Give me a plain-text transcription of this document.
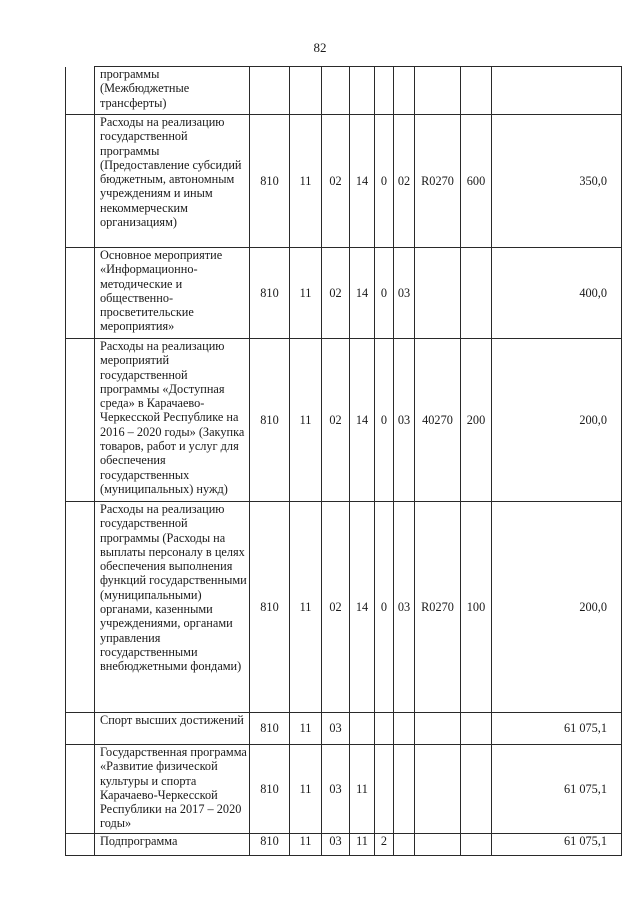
82
	программы (Межбюджетные трансферты)									
	Расходы на реализацию государственной программы (Предоставление субсидий бюджетным, автономным учреждениям и иным некоммерческим организациям)	810	11	02	14	0	02	R0270	600	350,0
	Основное мероприятие «Информационно-методические и общественно-просветительские мероприятия»	810	11	02	14	0	03			400,0
	Расходы на реализацию мероприятий государственной программы «Доступная среда» в Карачаево-Черкесской Республике на 2016 – 2020 годы» (Закупка товаров, работ и услуг для обеспечения государственных (муниципальных) нужд)	810	11	02	14	0	03	40270	200	200,0
	Расходы на реализацию государственной программы (Расходы на выплаты персоналу в целях обеспечения выполнения функций государственными (муниципальными) органами, казенными учреждениями, органами управления государственными внебюджетными фондами)	810	11	02	14	0	03	R0270	100	200,0
	Спорт высших достижений	810	11	03						61 075,1
	Государственная программа «Развитие физической культуры и спорта Карачаево-Черкесской Республики на 2017 – 2020 годы»	810	11	03	11					61 075,1
	Подпрограмма	810	11	03	11	2				61 075,1
